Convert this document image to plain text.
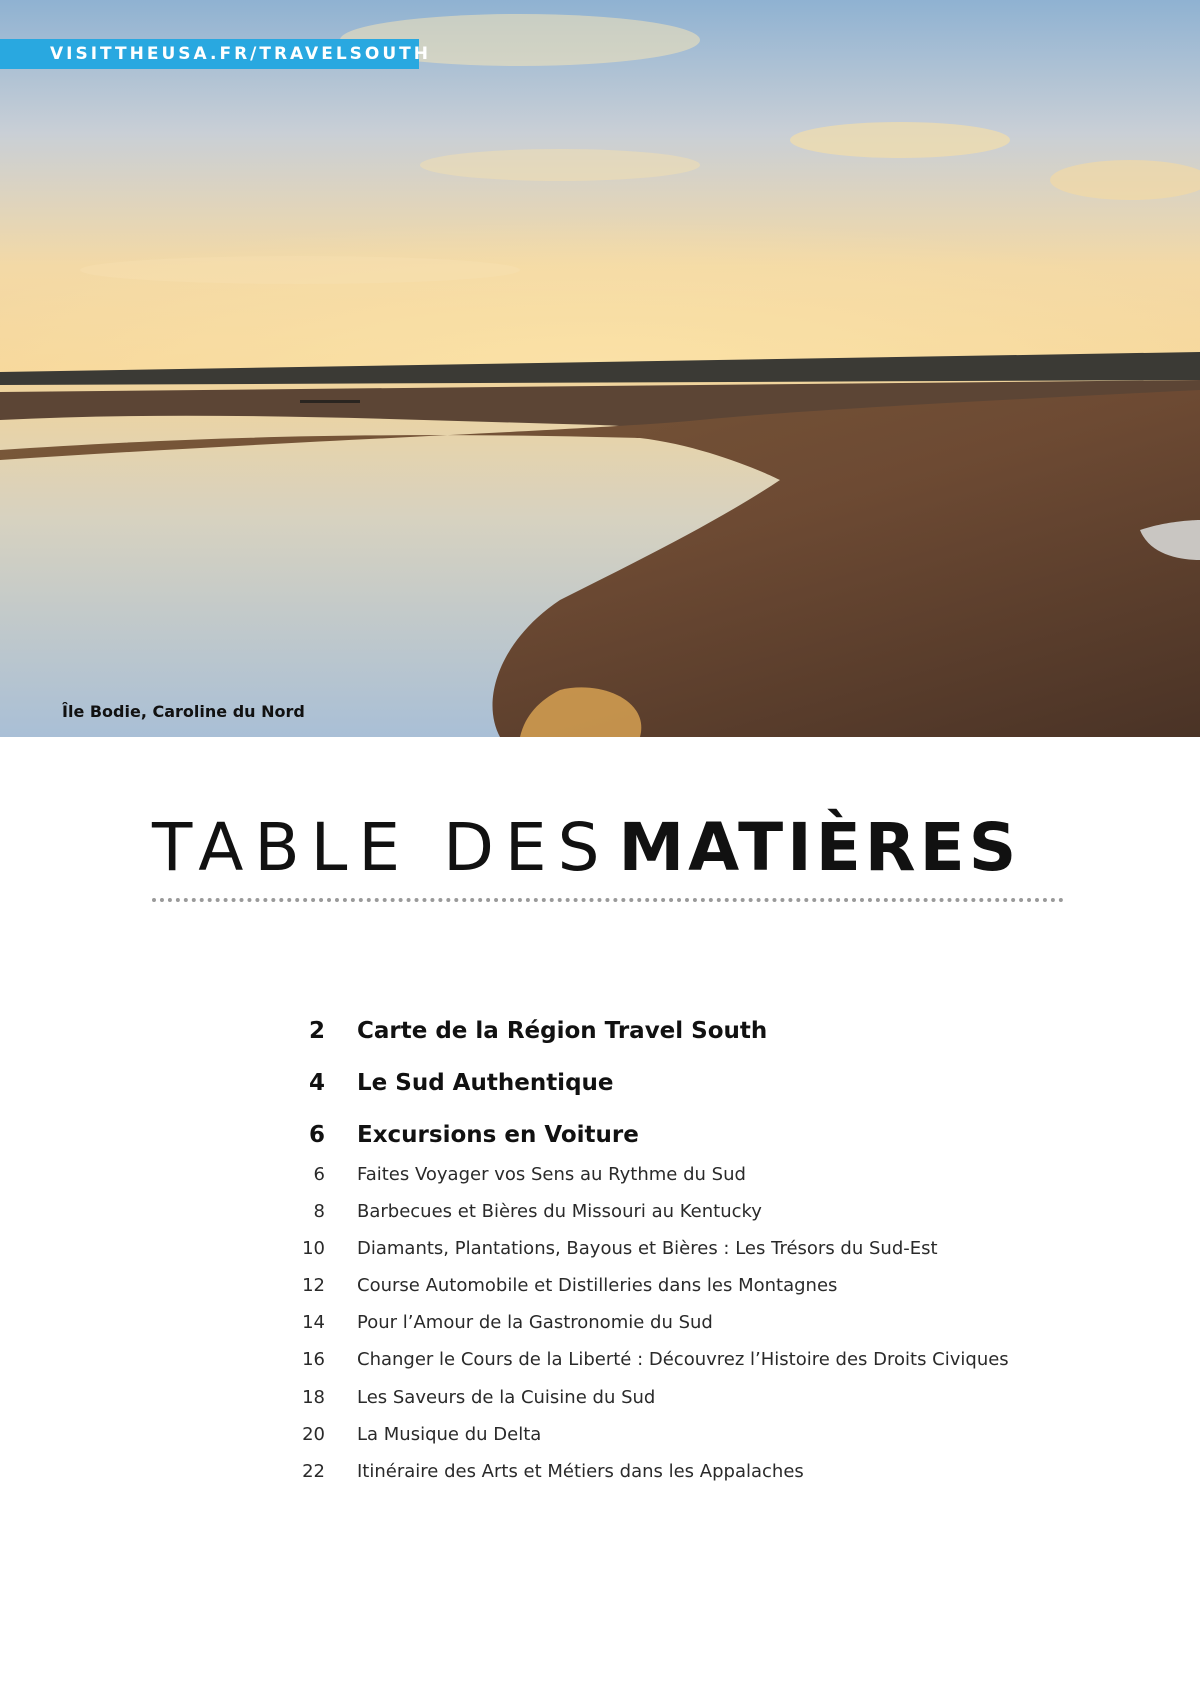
VISITTHEUSA.FR/TRAVELSOUTH
Île Bodie, Caroline du Nord
TABLE DES MATIÈRES
2 Carte de la Région Travel South
4 Le Sud Authentique
6 Excursions en Voiture
6 Faites Voyager vos Sens au Rythme du Sud
8 Barbecues et Bières du Missouri au Kentucky
10 Diamants, Plantations, Bayous et Bières : Les Trésors du Sud-Est
12 Course Automobile et Distilleries dans les Montagnes
14 Pour l’Amour de la Gastronomie du Sud
16 Changer le Cours de la Liberté : Découvrez l’Histoire des Droits Civiques
18 Les Saveurs de la Cuisine du Sud
20 La Musique du Delta
22 Itinéraire des Arts et Métiers dans les Appalaches
